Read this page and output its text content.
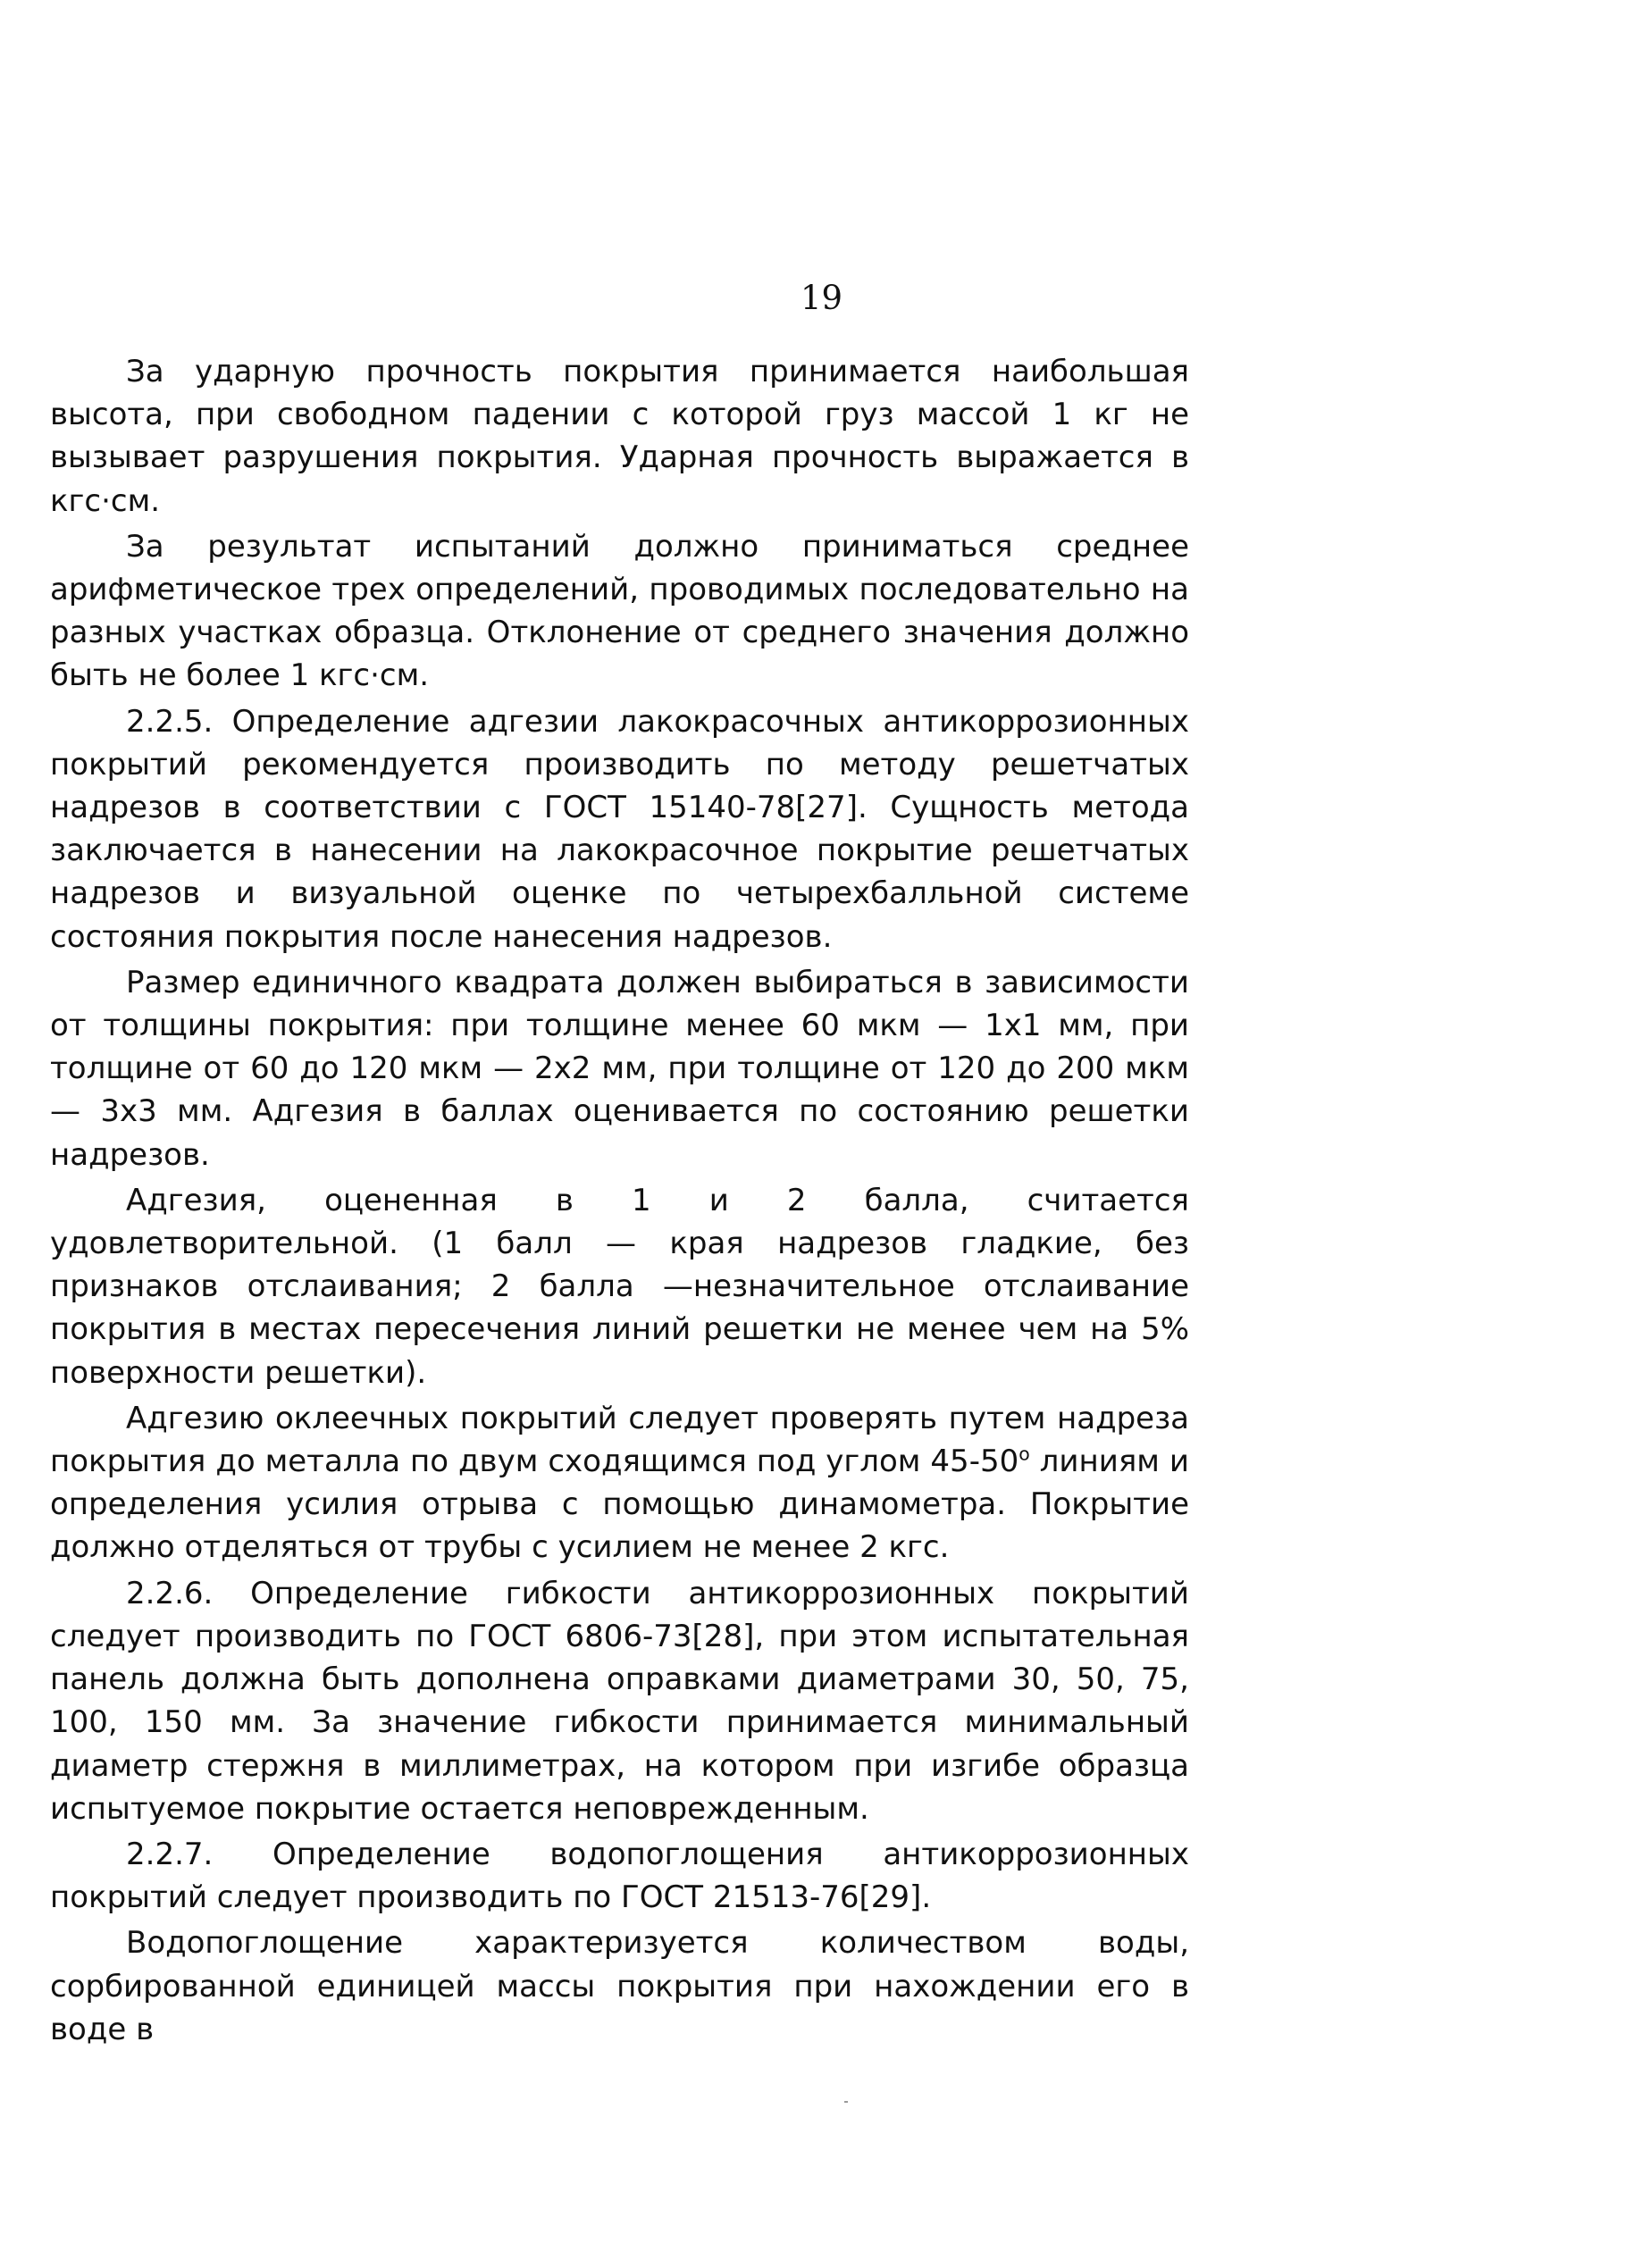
19

За ударную прочность покрытия принимается наибольшая высота, при свободном падении с которой груз массой 1 кг не вызывает разрушения покрытия. Ударная прочность выражается в кгс·см.

За результат испытаний должно приниматься среднее арифметическое трех определений, проводимых последовательно на разных участках образца. Отклонение от среднего значения должно быть не более 1 кгс·см.

2.2.5. Определение адгезии лакокрасочных антикоррозионных покрытий рекомендуется производить по методу решетчатых надрезов в соответствии с ГОСТ 15140-78[27]. Сущность метода заключается в нанесении на лакокрасочное покрытие решетчатых надрезов и визуальной оценке по четырехбалльной системе состояния покрытия после нанесения надрезов.

Размер единичного квадрата должен выбираться в зависимости от толщины покрытия: при толщине менее 60 мкм — 1х1 мм, при толщине от 60 до 120 мкм — 2х2 мм, при толщине от 120 до 200 мкм — 3х3 мм. Адгезия в баллах оценивается по состоянию решетки надрезов.

Адгезия, оцененная в 1 и 2 балла, считается удовлетворительной. (1 балл — края надрезов гладкие, без признаков отслаивания; 2 балла —незначительное отслаивание покрытия в местах пересечения линий решетки не менее чем на 5% поверхности решетки).

Адгезию оклеечных покрытий следует проверять путем надреза покрытия до металла по двум сходящимся под углом $45-50^о$ линиям и определения усилия отрыва с помощью динамометра. Покрытие должно отделяться от трубы с усилием не менее 2 кгс.

2.2.6. Определение гибкости антикоррозионных покрытий следует производить по ГОСТ 6806-73[28], при этом испытательная панель должна быть дополнена оправками диаметрами 30, 50, 75, 100, 150 мм. За значение гибкости принимается минимальный диаметр стержня в миллиметрах, на котором при изгибе образца испытуемое покрытие остается неповрежденным.

2.2.7. Определение водопоглощения антикоррозионных покрытий следует производить по ГОСТ 21513-76[29].

Водопоглощение характеризуется количеством воды, сорбированной единицей массы покрытия при нахождении его в воде в
